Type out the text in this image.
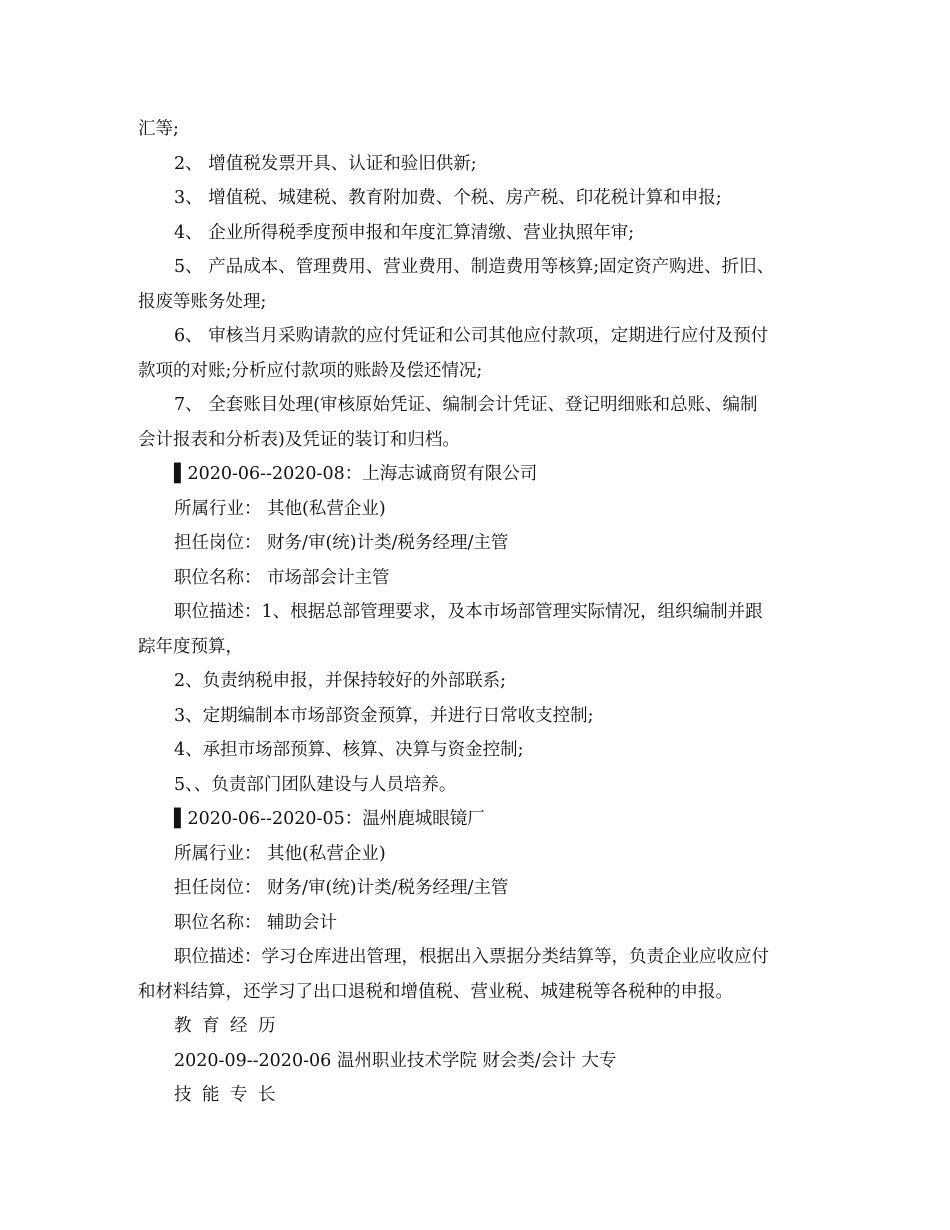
汇等;
2、 增值税发票开具、认证和验旧供新;
3、 增值税、城建税、教育附加费、个税、房产税、印花税计算和申报;
4、 企业所得税季度预申报和年度汇算清缴、营业执照年审;
5、 产品成本、管理费用、营业费用、制造费用等核算;固定资产购进、折旧、
报废等账务处理;
6、 审核当月采购请款的应付凭证和公司其他应付款项，定期进行应付及预付
款项的对账;分析应付款项的账龄及偿还情况;
7、 全套账目处理(审核原始凭证、编制会计凭证、登记明细账和总账、编制
会计报表和分析表)及凭证的装订和归档。
▌2020-06--2020-08：上海志诚商贸有限公司
所属行业： 其他(私营企业)
担任岗位： 财务/审(统)计类/税务经理/主管
职位名称： 市场部会计主管
职位描述：1、根据总部管理要求，及本市场部管理实际情况，组织编制并跟
踪年度预算，
2、负责纳税申报，并保持较好的外部联系;
3、定期编制本市场部资金预算，并进行日常收支控制;
4、承担市场部预算、核算、决算与资金控制;
5、、负责部门团队建设与人员培养。
▌2020-06--2020-05：温州鹿城眼镜厂
所属行业： 其他(私营企业)
担任岗位： 财务/审(统)计类/税务经理/主管
职位名称： 辅助会计
职位描述：学习仓库进出管理，根据出入票据分类结算等，负责企业应收应付
和材料结算，还学习了出口退税和增值税、营业税、城建税等各税种的申报。
教育经历
2020-09--2020-06 温州职业技术学院 财会类/会计 大专
技能专长
